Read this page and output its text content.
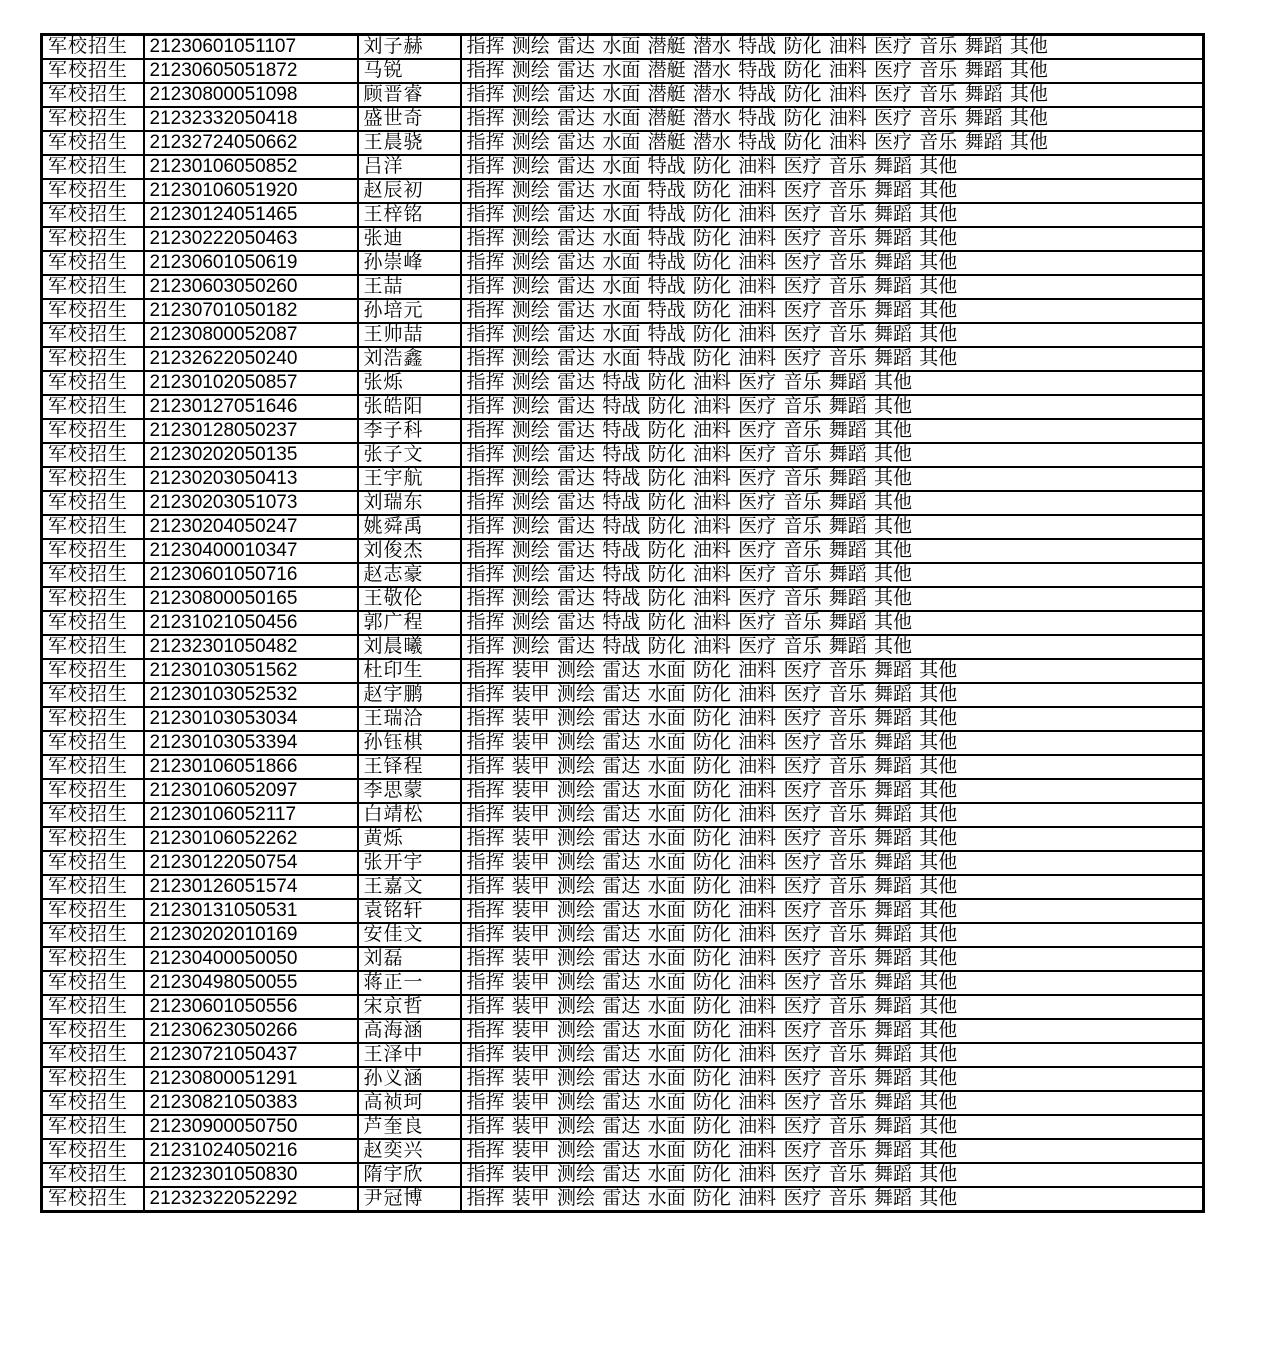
军校招生	21230601051107	刘子赫	指挥 测绘 雷达 水面 潜艇 潜水 特战 防化 油料 医疗 音乐 舞蹈 其他
军校招生	21230605051872	马锐	指挥 测绘 雷达 水面 潜艇 潜水 特战 防化 油料 医疗 音乐 舞蹈 其他
军校招生	21230800051098	顾晋睿	指挥 测绘 雷达 水面 潜艇 潜水 特战 防化 油料 医疗 音乐 舞蹈 其他
军校招生	21232332050418	盛世奇	指挥 测绘 雷达 水面 潜艇 潜水 特战 防化 油料 医疗 音乐 舞蹈 其他
军校招生	21232724050662	王晨骁	指挥 测绘 雷达 水面 潜艇 潜水 特战 防化 油料 医疗 音乐 舞蹈 其他
军校招生	21230106050852	吕洋	指挥 测绘 雷达 水面 特战 防化 油料 医疗 音乐 舞蹈 其他
军校招生	21230106051920	赵辰初	指挥 测绘 雷达 水面 特战 防化 油料 医疗 音乐 舞蹈 其他
军校招生	21230124051465	王梓铭	指挥 测绘 雷达 水面 特战 防化 油料 医疗 音乐 舞蹈 其他
军校招生	21230222050463	张迪	指挥 测绘 雷达 水面 特战 防化 油料 医疗 音乐 舞蹈 其他
军校招生	21230601050619	孙崇峰	指挥 测绘 雷达 水面 特战 防化 油料 医疗 音乐 舞蹈 其他
军校招生	21230603050260	王喆	指挥 测绘 雷达 水面 特战 防化 油料 医疗 音乐 舞蹈 其他
军校招生	21230701050182	孙培元	指挥 测绘 雷达 水面 特战 防化 油料 医疗 音乐 舞蹈 其他
军校招生	21230800052087	王帅喆	指挥 测绘 雷达 水面 特战 防化 油料 医疗 音乐 舞蹈 其他
军校招生	21232622050240	刘浩鑫	指挥 测绘 雷达 水面 特战 防化 油料 医疗 音乐 舞蹈 其他
军校招生	21230102050857	张烁	指挥 测绘 雷达 特战 防化 油料 医疗 音乐 舞蹈 其他
军校招生	21230127051646	张皓阳	指挥 测绘 雷达 特战 防化 油料 医疗 音乐 舞蹈 其他
军校招生	21230128050237	李子科	指挥 测绘 雷达 特战 防化 油料 医疗 音乐 舞蹈 其他
军校招生	21230202050135	张子文	指挥 测绘 雷达 特战 防化 油料 医疗 音乐 舞蹈 其他
军校招生	21230203050413	王宇航	指挥 测绘 雷达 特战 防化 油料 医疗 音乐 舞蹈 其他
军校招生	21230203051073	刘瑞东	指挥 测绘 雷达 特战 防化 油料 医疗 音乐 舞蹈 其他
军校招生	21230204050247	姚舜禹	指挥 测绘 雷达 特战 防化 油料 医疗 音乐 舞蹈 其他
军校招生	21230400010347	刘俊杰	指挥 测绘 雷达 特战 防化 油料 医疗 音乐 舞蹈 其他
军校招生	21230601050716	赵志豪	指挥 测绘 雷达 特战 防化 油料 医疗 音乐 舞蹈 其他
军校招生	21230800050165	王敬伦	指挥 测绘 雷达 特战 防化 油料 医疗 音乐 舞蹈 其他
军校招生	21231021050456	郭广程	指挥 测绘 雷达 特战 防化 油料 医疗 音乐 舞蹈 其他
军校招生	21232301050482	刘晨曦	指挥 测绘 雷达 特战 防化 油料 医疗 音乐 舞蹈 其他
军校招生	21230103051562	杜印生	指挥 装甲 测绘 雷达 水面 防化 油料 医疗 音乐 舞蹈 其他
军校招生	21230103052532	赵宇鹏	指挥 装甲 测绘 雷达 水面 防化 油料 医疗 音乐 舞蹈 其他
军校招生	21230103053034	王瑞洽	指挥 装甲 测绘 雷达 水面 防化 油料 医疗 音乐 舞蹈 其他
军校招生	21230103053394	孙钰棋	指挥 装甲 测绘 雷达 水面 防化 油料 医疗 音乐 舞蹈 其他
军校招生	21230106051866	王铎程	指挥 装甲 测绘 雷达 水面 防化 油料 医疗 音乐 舞蹈 其他
军校招生	21230106052097	李思蒙	指挥 装甲 测绘 雷达 水面 防化 油料 医疗 音乐 舞蹈 其他
军校招生	21230106052117	白靖松	指挥 装甲 测绘 雷达 水面 防化 油料 医疗 音乐 舞蹈 其他
军校招生	21230106052262	黄烁	指挥 装甲 测绘 雷达 水面 防化 油料 医疗 音乐 舞蹈 其他
军校招生	21230122050754	张开宇	指挥 装甲 测绘 雷达 水面 防化 油料 医疗 音乐 舞蹈 其他
军校招生	21230126051574	王嘉文	指挥 装甲 测绘 雷达 水面 防化 油料 医疗 音乐 舞蹈 其他
军校招生	21230131050531	袁铭轩	指挥 装甲 测绘 雷达 水面 防化 油料 医疗 音乐 舞蹈 其他
军校招生	21230202010169	安佳文	指挥 装甲 测绘 雷达 水面 防化 油料 医疗 音乐 舞蹈 其他
军校招生	21230400050050	刘磊	指挥 装甲 测绘 雷达 水面 防化 油料 医疗 音乐 舞蹈 其他
军校招生	21230498050055	蒋正一	指挥 装甲 测绘 雷达 水面 防化 油料 医疗 音乐 舞蹈 其他
军校招生	21230601050556	宋京哲	指挥 装甲 测绘 雷达 水面 防化 油料 医疗 音乐 舞蹈 其他
军校招生	21230623050266	高海涵	指挥 装甲 测绘 雷达 水面 防化 油料 医疗 音乐 舞蹈 其他
军校招生	21230721050437	王泽中	指挥 装甲 测绘 雷达 水面 防化 油料 医疗 音乐 舞蹈 其他
军校招生	21230800051291	孙义涵	指挥 装甲 测绘 雷达 水面 防化 油料 医疗 音乐 舞蹈 其他
军校招生	21230821050383	高祯珂	指挥 装甲 测绘 雷达 水面 防化 油料 医疗 音乐 舞蹈 其他
军校招生	21230900050750	芦奎良	指挥 装甲 测绘 雷达 水面 防化 油料 医疗 音乐 舞蹈 其他
军校招生	21231024050216	赵奕兴	指挥 装甲 测绘 雷达 水面 防化 油料 医疗 音乐 舞蹈 其他
军校招生	21232301050830	隋宇欣	指挥 装甲 测绘 雷达 水面 防化 油料 医疗 音乐 舞蹈 其他
军校招生	21232322052292	尹冠博	指挥 装甲 测绘 雷达 水面 防化 油料 医疗 音乐 舞蹈 其他
